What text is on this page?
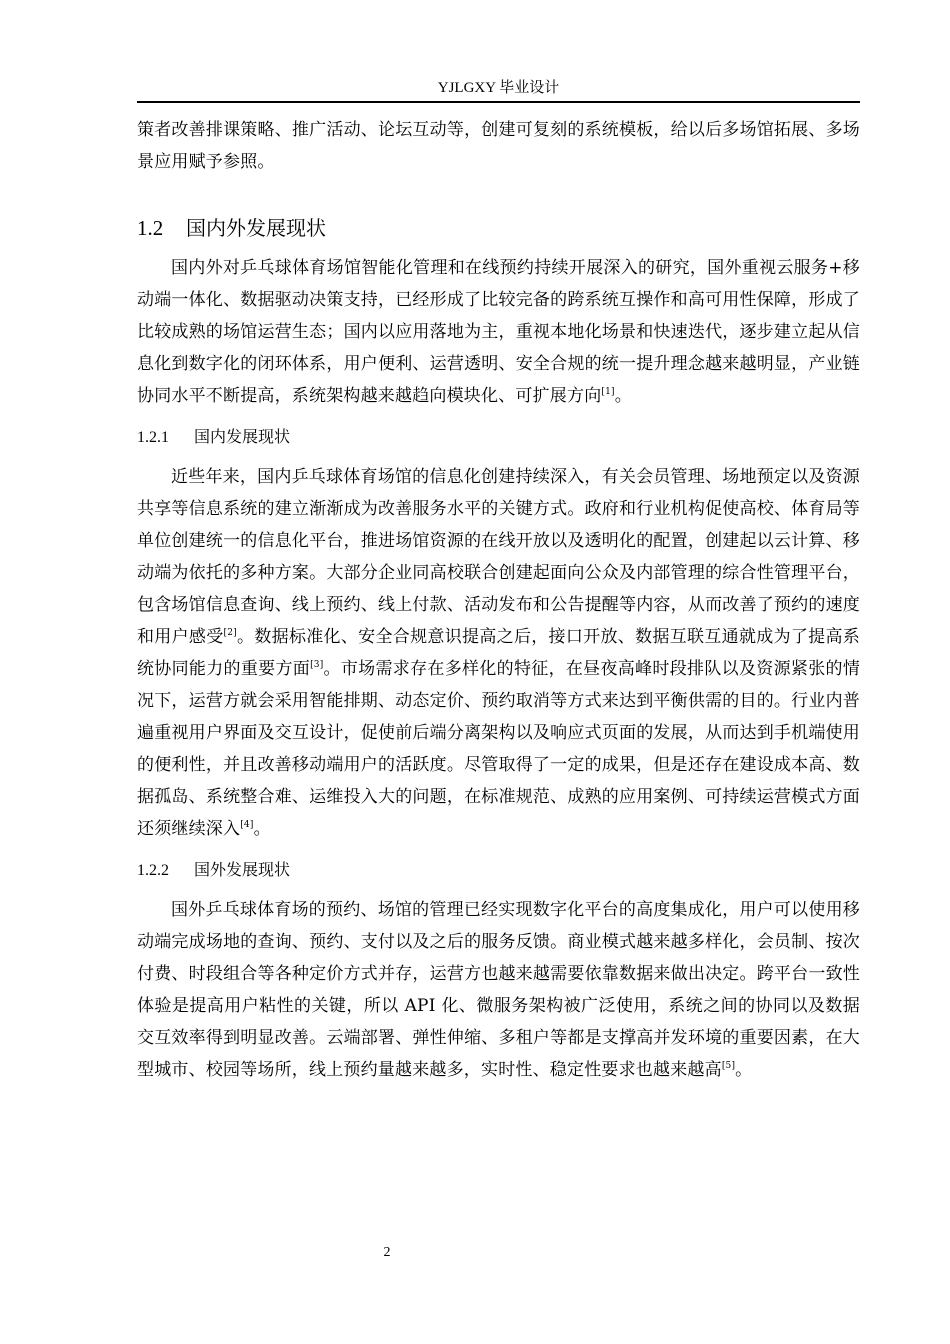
YJLGXY 毕业设计

策者改善排课策略、推广活动、论坛互动等，创建可复刻的系统模板，给以后多场馆拓展、多场景应用赋予参照。

1.2 国内外发展现状

国内外对乒乓球体育场馆智能化管理和在线预约持续开展深入的研究，国外重视云服务+移动端一体化、数据驱动决策支持，已经形成了比较完备的跨系统互操作和高可用性保障，形成了比较成熟的场馆运营生态；国内以应用落地为主，重视本地化场景和快速迭代，逐步建立起从信息化到数字化的闭环体系，用户便利、运营透明、安全合规的统一提升理念越来越明显，产业链协同水平不断提高，系统架构越来越趋向模块化、可扩展方向[1]。

1.2.1 国内发展现状

近些年来，国内乒乓球体育场馆的信息化创建持续深入，有关会员管理、场地预定以及资源共享等信息系统的建立渐渐成为改善服务水平的关键方式。政府和行业机构促使高校、体育局等单位创建统一的信息化平台，推进场馆资源的在线开放以及透明化的配置，创建起以云计算、移动端为依托的多种方案。大部分企业同高校联合创建起面向公众及内部管理的综合性管理平台，包含场馆信息查询、线上预约、线上付款、活动发布和公告提醒等内容，从而改善了预约的速度和用户感受[2]。数据标准化、安全合规意识提高之后，接口开放、数据互联互通就成为了提高系统协同能力的重要方面[3]。市场需求存在多样化的特征，在昼夜高峰时段排队以及资源紧张的情况下，运营方就会采用智能排期、动态定价、预约取消等方式来达到平衡供需的目的。行业内普遍重视用户界面及交互设计，促使前后端分离架构以及响应式页面的发展，从而达到手机端使用的便利性，并且改善移动端用户的活跃度。尽管取得了一定的成果，但是还存在建设成本高、数据孤岛、系统整合难、运维投入大的问题，在标准规范、成熟的应用案例、可持续运营模式方面还须继续深入[4]。

1.2.2 国外发展现状

国外乒乓球体育场的预约、场馆的管理已经实现数字化平台的高度集成化，用户可以使用移动端完成场地的查询、预约、支付以及之后的服务反馈。商业模式越来越多样化，会员制、按次付费、时段组合等各种定价方式并存，运营方也越来越需要依靠数据来做出决定。跨平台一致性体验是提高用户粘性的关键，所以 API 化、微服务架构被广泛使用，系统之间的协同以及数据交互效率得到明显改善。云端部署、弹性伸缩、多租户等都是支撑高并发环境的重要因素，在大型城市、校园等场所，线上预约量越来越多，实时性、稳定性要求也越来越高[5]。

2
